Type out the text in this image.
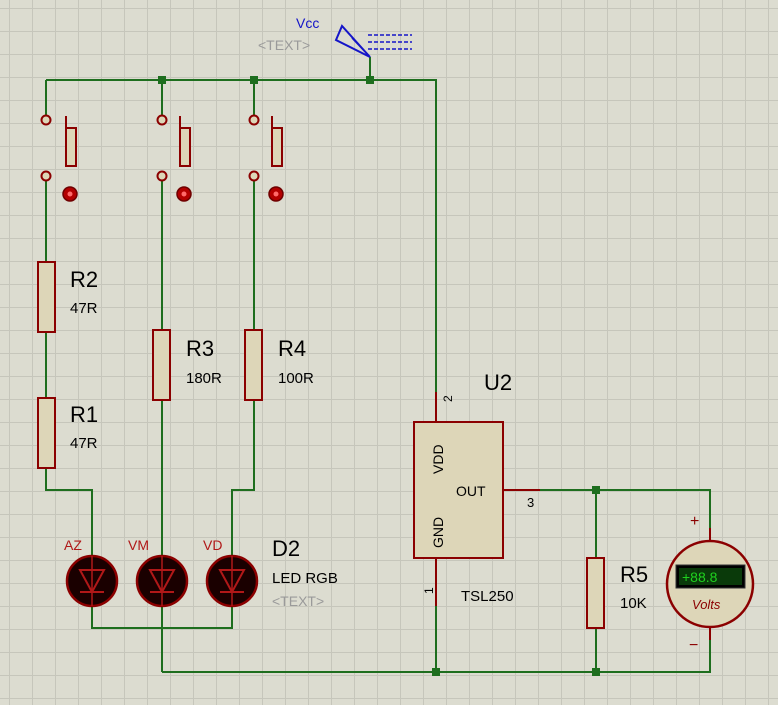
Vcc
<TEXT>
R2
47R
R1
47R
R3
180R
R4
100R
R5
10K
U2
2
1
3
VDD
GND
OUT
TSL250
AZ	VM	VD D2
LED RGB
<TEXT>
+88.8
Volts
+
−
